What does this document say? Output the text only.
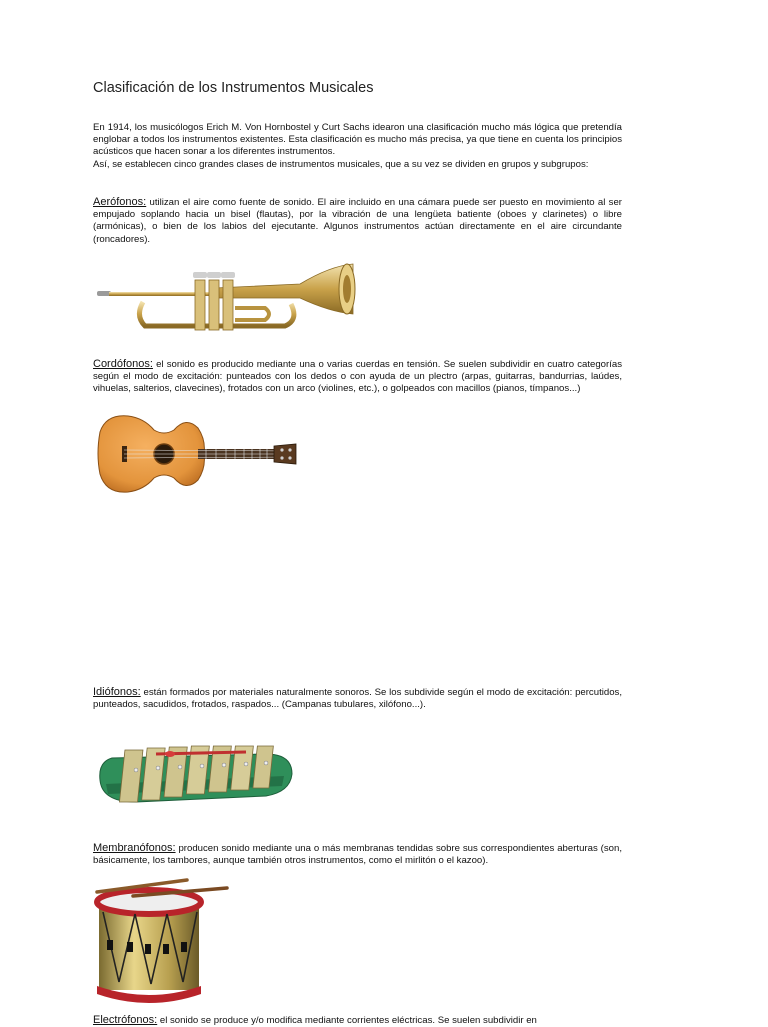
Clasificación de los Instrumentos Musicales

En 1914, los musicólogos Erich M. Von Hornbostel y Curt Sachs idearon una clasificación mucho más lógica que pretendía englobar a todos los instrumentos existentes. Esta clasificación es mucho más precisa, ya que tiene en cuenta los principios acústicos que hacen sonar a los diferentes instrumentos.

Así, se establecen cinco grandes clases de instrumentos musicales, que a su vez se dividen en grupos y subgrupos:

Aerófonos: utilizan el aire como fuente de sonido. El aire incluido en una cámara puede ser puesto en movimiento al ser empujado soplando hacia un bisel (flautas), por la vibración de una lengüeta batiente (oboes y clarinetes) o libre (armónicas), o bien de los labios del ejecutante. Algunos instrumentos actúan directamente en el aire circundante (roncadores).
Cordófonos: el sonido es producido mediante una o varias cuerdas en tensión. Se suelen subdividir en cuatro categorías según el modo de excitación: punteados con los dedos o con ayuda de un plectro (arpas, guitarras, bandurrias, laúdes, vihuelas, salterios, clavecines), frotados con un arco (violines, etc.), o golpeados con macillos (pianos, tímpanos...)
Idiófonos: están formados por materiales naturalmente sonoros. Se los subdivide según el modo de excitación: percutidos, punteados, sacudidos, frotados, raspados... (Campanas tubulares, xilófono...).
Membranófonos: producen sonido mediante una o más membranas tendidas sobre sus correspondientes aberturas (son, básicamente, los tambores, aunque también otros instrumentos, como el mirlitón o el kazoo).
Electrófonos: el sonido se produce y/o modifica mediante corrientes eléctricas. Se suelen subdividir en
